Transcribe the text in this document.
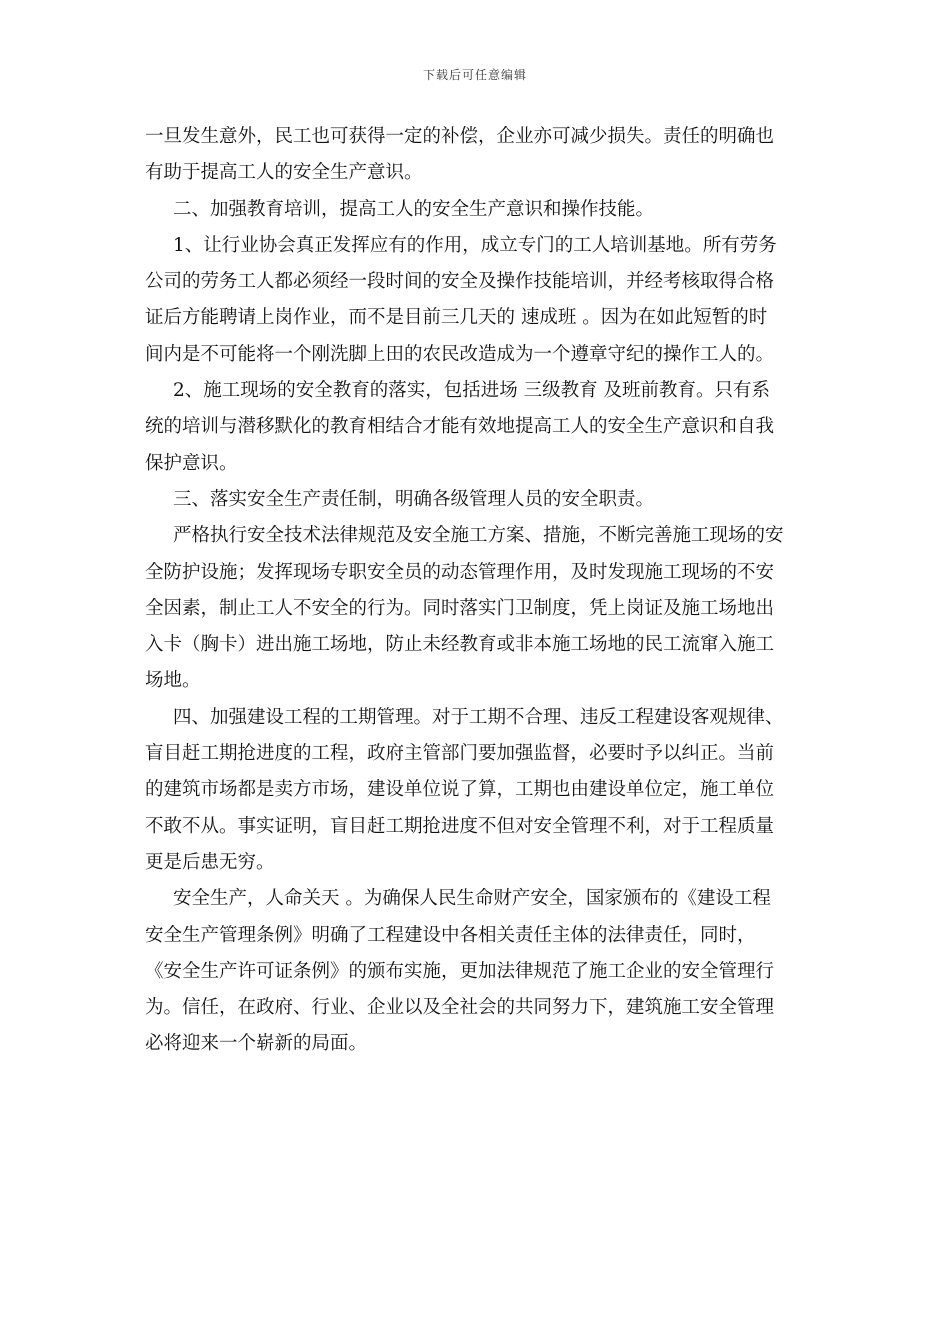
下载后可任意编辑
一旦发生意外，民工也可获得一定的补偿，企业亦可减少损失。责任的明确也
有助于提高工人的安全生产意识。
二、加强教育培训，提高工人的安全生产意识和操作技能。
1、让行业协会真正发挥应有的作用，成立专门的工人培训基地。所有劳务
公司的劳务工人都必须经一段时间的安全及操作技能培训，并经考核取得合格
证后方能聘请上岗作业，而不是目前三几天的 速成班 。因为在如此短暂的时
间内是不可能将一个刚洗脚上田的农民改造成为一个遵章守纪的操作工人的。
2、施工现场的安全教育的落实，包括进场 三级教育 及班前教育。只有系
统的培训与潜移默化的教育相结合才能有效地提高工人的安全生产意识和自我
保护意识。
三、落实安全生产责任制，明确各级管理人员的安全职责。
严格执行安全技术法律规范及安全施工方案、措施，不断完善施工现场的安
全防护设施；发挥现场专职安全员的动态管理作用，及时发现施工现场的不安
全因素，制止工人不安全的行为。同时落实门卫制度，凭上岗证及施工场地出
入卡（胸卡）进出施工场地，防止未经教育或非本施工场地的民工流窜入施工
场地。
四、加强建设工程的工期管理。对于工期不合理、违反工程建设客观规律、
盲目赶工期抢进度的工程，政府主管部门要加强监督，必要时予以纠正。当前
的建筑市场都是卖方市场，建设单位说了算，工期也由建设单位定，施工单位
不敢不从。事实证明，盲目赶工期抢进度不但对安全管理不利，对于工程质量
更是后患无穷。
安全生产，人命关天 。为确保人民生命财产安全，国家颁布的《建设工程
安全生产管理条例》明确了工程建设中各相关责任主体的法律责任，同时，
《安全生产许可证条例》的颁布实施，更加法律规范了施工企业的安全管理行
为。信任，在政府、行业、企业以及全社会的共同努力下，建筑施工安全管理
必将迎来一个崭新的局面。
